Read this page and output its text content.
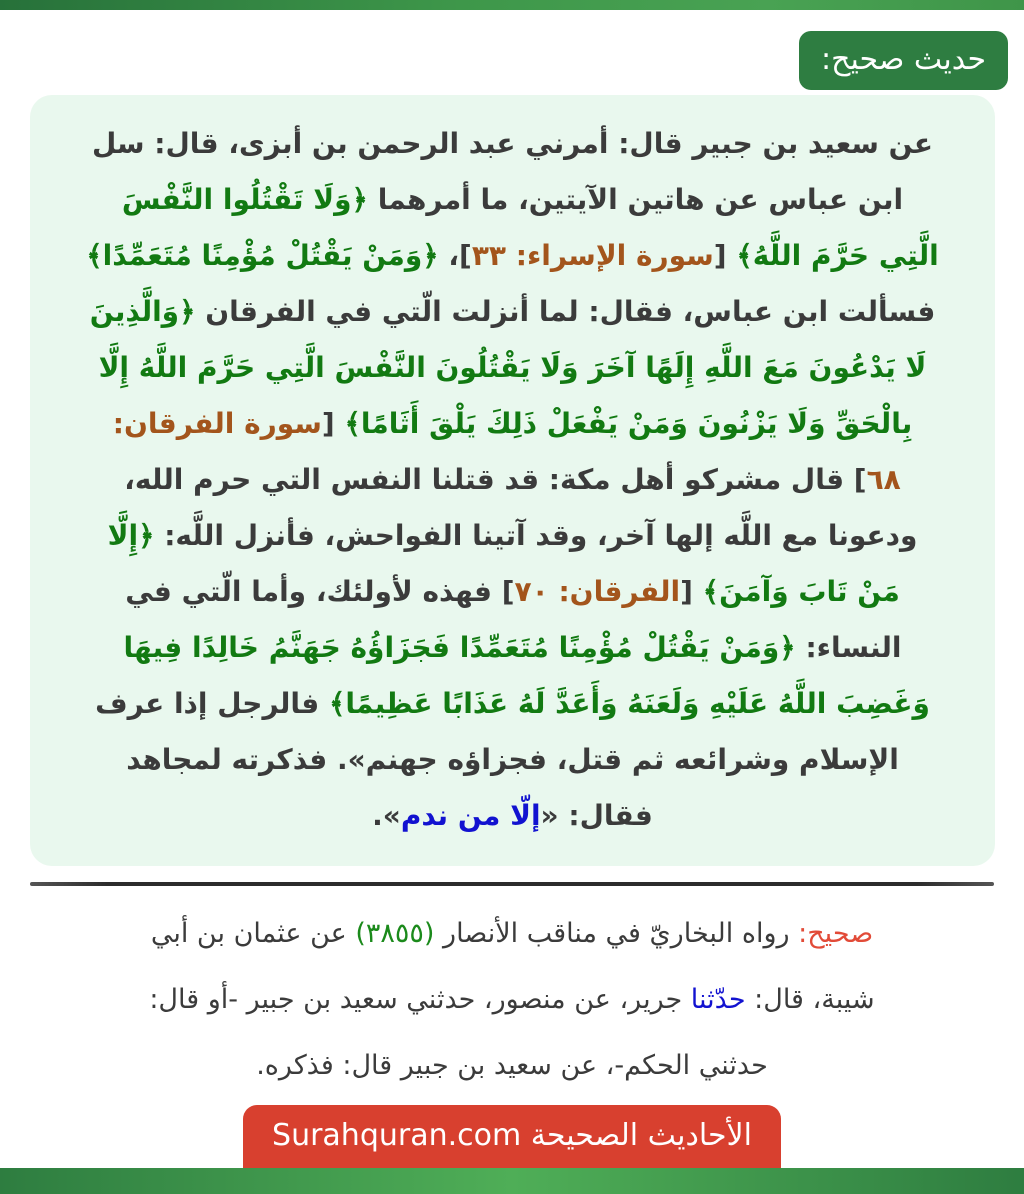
حديث صحيح:
عن سعيد بن جبير قال: أمرني عبد الرحمن بن أبزى، قال: سل
ابن عباس عن هاتين الآيتين، ما أمرهما ﴿وَلَا تَقْتُلُوا النَّفْسَ
الَّتِي حَرَّمَ اللَّهُ﴾ [سورة الإسراء: ٣٣]، ﴿وَمَنْ يَقْتُلْ مُؤْمِنًا مُتَعَمِّدًا﴾
فسألت ابن عباس، فقال: لما أنزلت الّتي في الفرقان ﴿وَالَّذِينَ
لَا يَدْعُونَ مَعَ اللَّهِ إِلَهًا آخَرَ وَلَا يَقْتُلُونَ النَّفْسَ الَّتِي حَرَّمَ اللَّهُ إِلَّا
بِالْحَقِّ وَلَا يَزْنُونَ وَمَنْ يَفْعَلْ ذَلِكَ يَلْقَ أَثَامًا﴾ [سورة الفرقان:
٦٨] قال مشركو أهل مكة: قد قتلنا النفس التي حرم الله،
ودعونا مع اللَّه إلها آخر، وقد آتينا الفواحش، فأنزل اللَّه: ﴿إِلَّا
مَنْ تَابَ وَآمَنَ﴾ [الفرقان: ٧٠] فهذه لأولئك، وأما الّتي في
النساء: ﴿وَمَنْ يَقْتُلْ مُؤْمِنًا مُتَعَمِّدًا فَجَزَاؤُهُ جَهَنَّمُ خَالِدًا فِيهَا
وَغَضِبَ اللَّهُ عَلَيْهِ وَلَعَنَهُ وَأَعَدَّ لَهُ عَذَابًا عَظِيمًا﴾ فالرجل إذا عرف
الإسلام وشرائعه ثم قتل، فجزاؤه جهنم». فذكرته لمجاهد
فقال: «إلّا من ندم».
صحيح: رواه البخاريّ في مناقب الأنصار (٣٨٥٥) عن عثمان بن أبي
شيبة، قال: حدّثنا جرير، عن منصور، حدثني سعيد بن جبير -أو قال:
حدثني الحكم-، عن سعيد بن جبير قال: فذكره.
الأحاديث الصحيحة Surahquran.com
